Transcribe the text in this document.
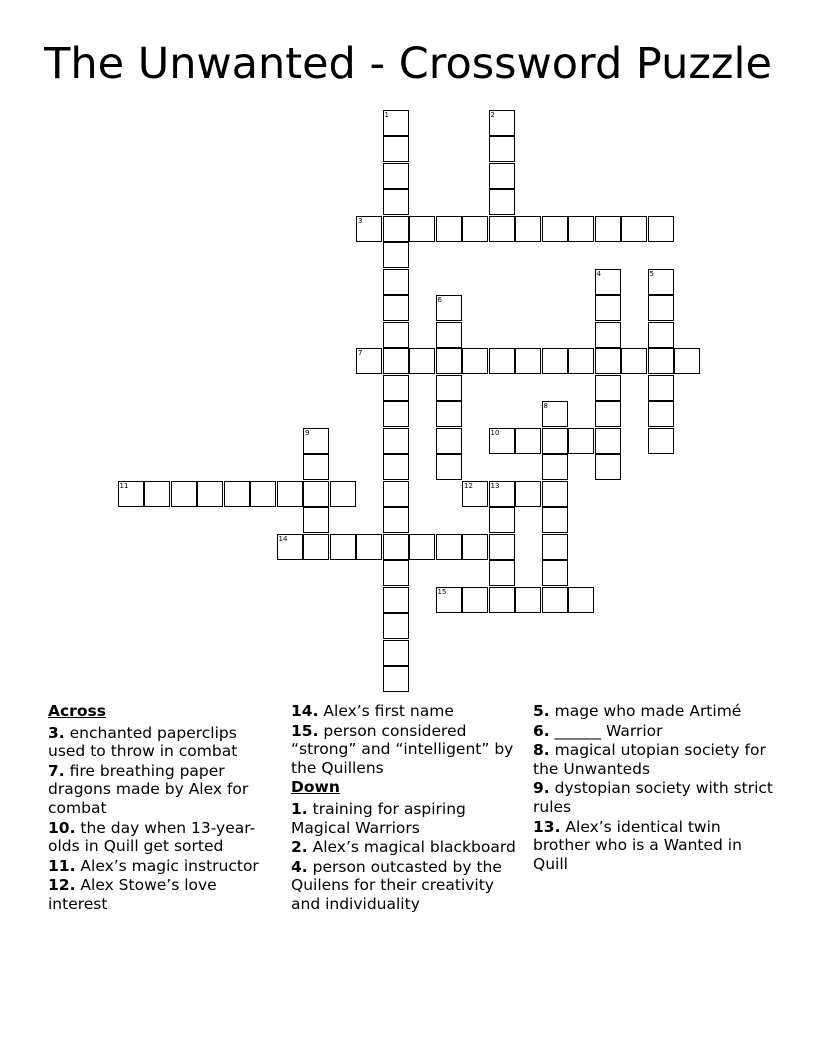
The Unwanted - Crossword Puzzle
1	2
3
4	5
6
7
8
9	10
11	12	13
14
15

Across

3. enchanted paperclips used to throw in combat

7. fire breathing paper dragons made by Alex for combat

10. the day when 13-year-olds in Quill get sorted

11. Alex’s magic instructor

12. Alex Stowe’s love interest

14. Alex’s first name

15. person considered “strong” and “intelligent” by the Quillens

Down

1. training for aspiring Magical Warriors

2. Alex’s magical blackboard

4. person outcasted by the Quilens for their creativity and individuality

5. mage who made Artimé

6. ______ Warrior

8. magical utopian society for the Unwanteds

9. dystopian society with strict rules

13. Alex’s identical twin brother who is a Wanted in Quill
